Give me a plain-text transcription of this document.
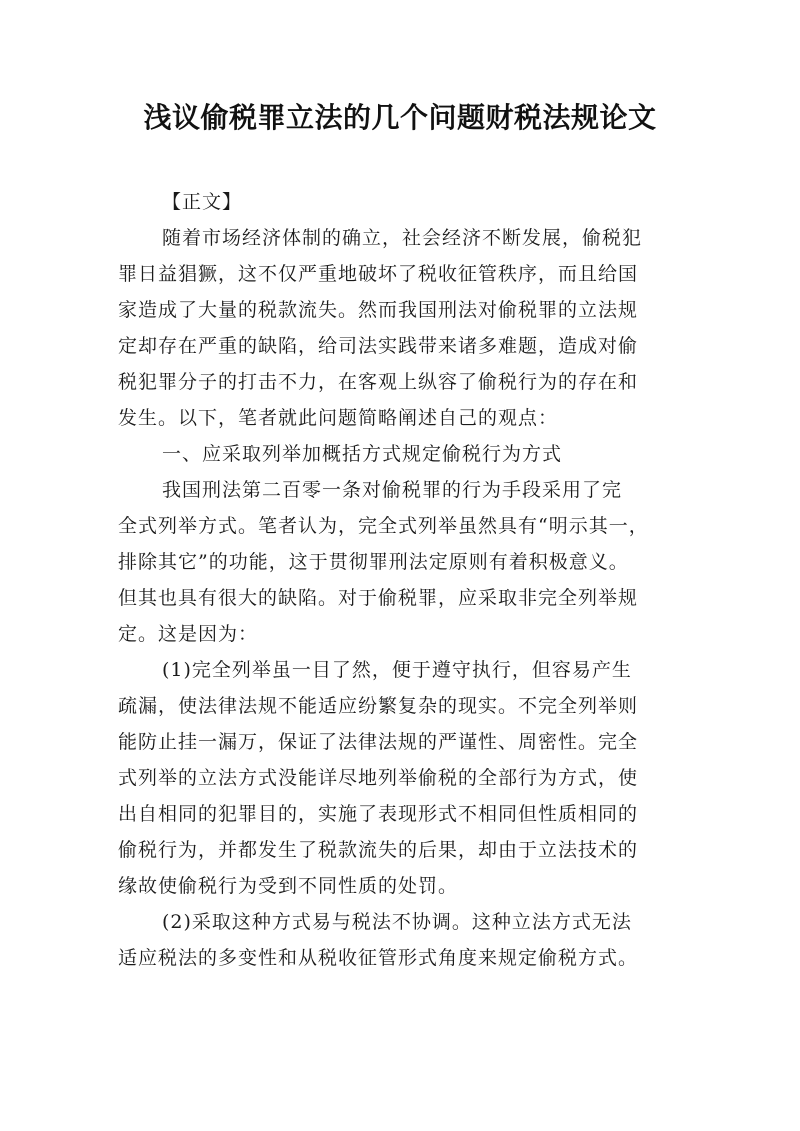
浅议偷税罪立法的几个问题财税法规论文
【正文】
随着市场经济体制的确立，社会经济不断发展，偷税犯
罪日益猖獗，这不仅严重地破坏了税收征管秩序，而且给国
家造成了大量的税款流失。然而我国刑法对偷税罪的立法规
定却存在严重的缺陷，给司法实践带来诸多难题，造成对偷
税犯罪分子的打击不力，在客观上纵容了偷税行为的存在和
发生。以下，笔者就此问题简略阐述自己的观点：
一、应采取列举加概括方式规定偷税行为方式
我国刑法第二百零一条对偷税罪的行为手段采用了完
全式列举方式。笔者认为，完全式列举虽然具有“明示其一，
排除其它”的功能，这于贯彻罪刑法定原则有着积极意义。
但其也具有很大的缺陷。对于偷税罪，应采取非完全列举规
定。这是因为：
(1)完全列举虽一目了然，便于遵守执行，但容易产生
疏漏，使法律法规不能适应纷繁复杂的现实。不完全列举则
能防止挂一漏万，保证了法律法规的严谨性、周密性。完全
式列举的立法方式没能详尽地列举偷税的全部行为方式，使
出自相同的犯罪目的，实施了表现形式不相同但性质相同的
偷税行为，并都发生了税款流失的后果，却由于立法技术的
缘故使偷税行为受到不同性质的处罚。
(2)采取这种方式易与税法不协调。这种立法方式无法
适应税法的多变性和从税收征管形式角度来规定偷税方式。
